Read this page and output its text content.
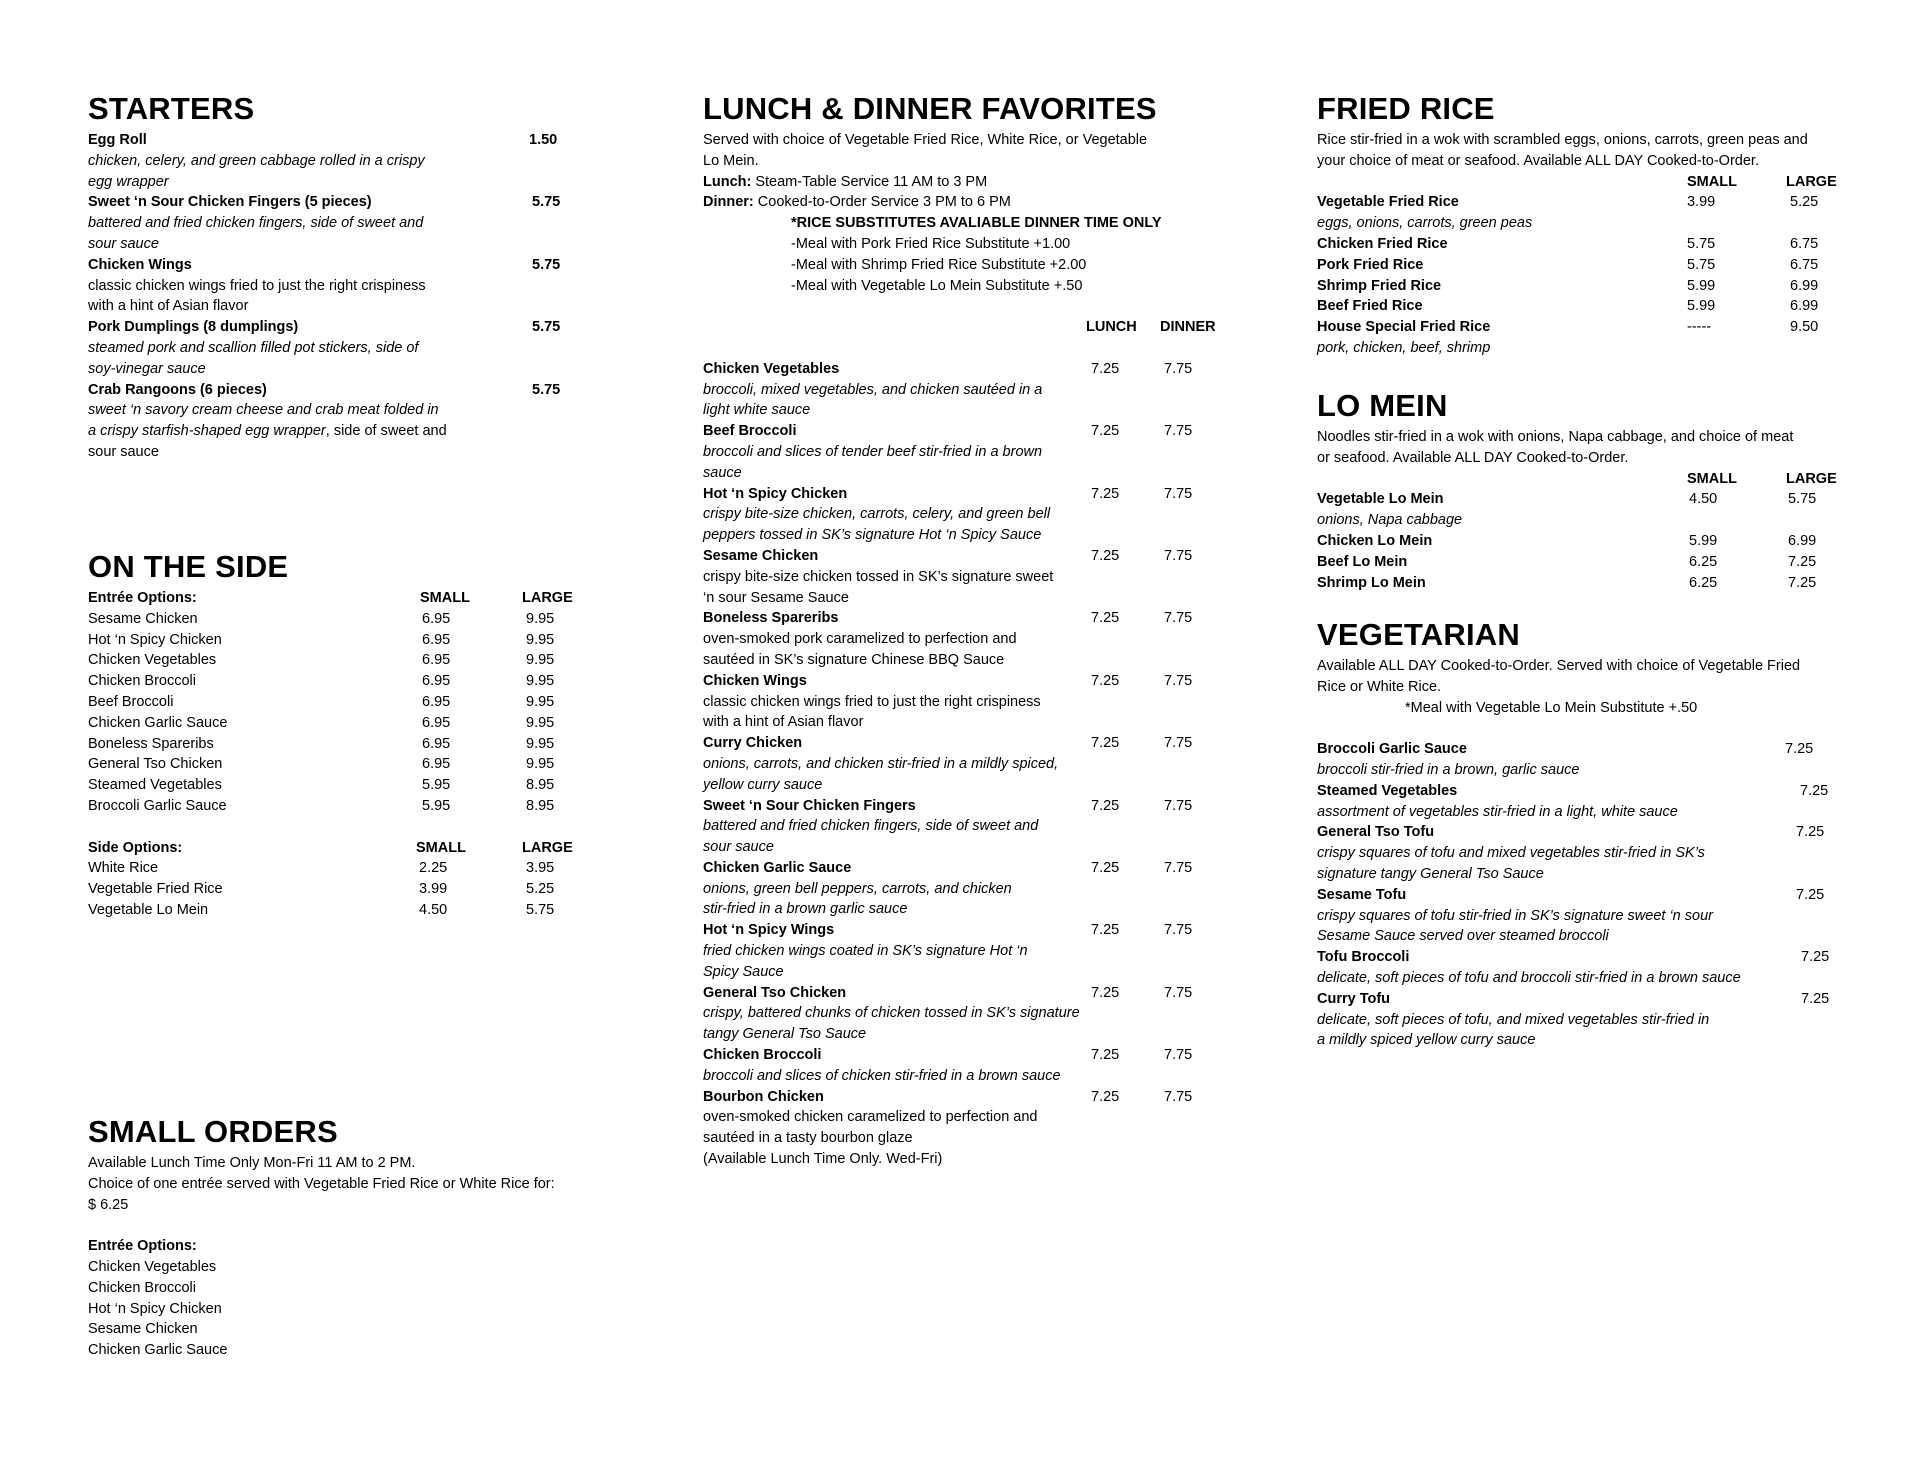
STARTERS
Egg Roll	1.50
chicken, celery, and green cabbage rolled in a crispy
egg wrapper
Sweet ‘n Sour Chicken Fingers (5 pieces)	5.75
battered and fried chicken fingers, side of sweet and
sour sauce
Chicken Wings	5.75
classic chicken wings fried to just the right crispiness
with a hint of Asian flavor
Pork Dumplings (8 dumplings)	5.75
steamed pork and scallion filled pot stickers, side of
soy-vinegar sauce
Crab Rangoons (6 pieces)	5.75
sweet ‘n savory cream cheese and crab meat folded in
a crispy starfish-shaped egg wrapper, side of sweet and
sour sauce
ON THE SIDE
Entrée Options:	SMALL	LARGE
Sesame Chicken	6.95	9.95
Hot ‘n Spicy Chicken	6.95	9.95
Chicken Vegetables	6.95	9.95
Chicken Broccoli	6.95	9.95
Beef Broccoli	6.95	9.95
Chicken Garlic Sauce	6.95	9.95
Boneless Spareribs	6.95	9.95
General Tso Chicken	6.95	9.95
Steamed Vegetables	5.95	8.95
Broccoli Garlic Sauce	5.95	8.95
Side Options:	SMALL	LARGE
White Rice	2.25	3.95
Vegetable Fried Rice	3.99	5.25
Vegetable Lo Mein	4.50	5.75
SMALL ORDERS
Available Lunch Time Only Mon-Fri 11 AM to 2 PM.
Choice of one entrée served with Vegetable Fried Rice or White Rice for:
$ 6.25
Entrée Options:
Chicken Vegetables
Chicken Broccoli
Hot ‘n Spicy Chicken
Sesame Chicken
Chicken Garlic Sauce
LUNCH & DINNER FAVORITES
Served with choice of Vegetable Fried Rice, White Rice, or Vegetable
Lo Mein.
Lunch: Steam-Table Service 11 AM to 3 PM
Dinner: Cooked-to-Order Service 3 PM to 6 PM
*RICE SUBSTITUTES AVALIABLE DINNER TIME ONLY
-Meal with Pork Fried Rice Substitute +1.00
-Meal with Shrimp Fried Rice Substitute +2.00
-Meal with Vegetable Lo Mein Substitute +.50
LUNCH DINNER
Chicken Vegetables	7.25	7.75
broccoli, mixed vegetables, and chicken sautéed in a
light white sauce
Beef Broccoli	7.25	7.75
broccoli and slices of tender beef stir-fried in a brown
sauce
Hot ‘n Spicy Chicken	7.25	7.75
crispy bite-size chicken, carrots, celery, and green bell
peppers tossed in SK’s signature Hot ‘n Spicy Sauce
Sesame Chicken	7.25	7.75
crispy bite-size chicken tossed in SK’s signature sweet
‘n sour Sesame Sauce
Boneless Spareribs	7.25	7.75
oven-smoked pork caramelized to perfection and
sautéed in SK’s signature Chinese BBQ Sauce
Chicken Wings	7.25	7.75
classic chicken wings fried to just the right crispiness
with a hint of Asian flavor
Curry Chicken	7.25	7.75
onions, carrots, and chicken stir-fried in a mildly spiced,
yellow curry sauce
Sweet ‘n Sour Chicken Fingers	7.25	7.75
battered and fried chicken fingers, side of sweet and
sour sauce
Chicken Garlic Sauce	7.25	7.75
onions, green bell peppers, carrots, and chicken
stir-fried in a brown garlic sauce
Hot ‘n Spicy Wings	7.25	7.75
fried chicken wings coated in SK’s signature Hot ‘n
Spicy Sauce
General Tso Chicken	7.25	7.75
crispy, battered chunks of chicken tossed in SK’s signature
tangy General Tso Sauce
Chicken Broccoli	7.25	7.75
broccoli and slices of chicken stir-fried in a brown sauce
Bourbon Chicken	7.25	7.75
oven-smoked chicken caramelized to perfection and
sautéed in a tasty bourbon glaze
(Available Lunch Time Only. Wed-Fri)
FRIED RICE
Rice stir-fried in a wok with scrambled eggs, onions, carrots, green peas and
your choice of meat or seafood. Available ALL DAY Cooked-to-Order.
SMALL	LARGE
Vegetable Fried Rice	3.99	5.25
eggs, onions, carrots, green peas
Chicken Fried Rice	5.75	6.75
Pork Fried Rice	5.75	6.75
Shrimp Fried Rice	5.99	6.99
Beef Fried Rice	5.99	6.99
House Special Fried Rice	-----	9.50
pork, chicken, beef, shrimp
LO MEIN
Noodles stir-fried in a wok with onions, Napa cabbage, and choice of meat
or seafood. Available ALL DAY Cooked-to-Order.
SMALL	LARGE
Vegetable Lo Mein	4.50	5.75
onions, Napa cabbage
Chicken Lo Mein	5.99	6.99
Beef Lo Mein	6.25	7.25
Shrimp Lo Mein	6.25	7.25
VEGETARIAN
Available ALL DAY Cooked-to-Order. Served with choice of Vegetable Fried
Rice or White Rice.
*Meal with Vegetable Lo Mein Substitute +.50
Broccoli Garlic Sauce	7.25
broccoli stir-fried in a brown, garlic sauce
Steamed Vegetables	7.25
assortment of vegetables stir-fried in a light, white sauce
General Tso Tofu	7.25
crispy squares of tofu and mixed vegetables stir-fried in SK’s
signature tangy General Tso Sauce
Sesame Tofu	7.25
crispy squares of tofu stir-fried in SK’s signature sweet ‘n sour
Sesame Sauce served over steamed broccoli
Tofu Broccoli	7.25
delicate, soft pieces of tofu and broccoli stir-fried in a brown sauce
Curry Tofu	7.25
delicate, soft pieces of tofu, and mixed vegetables stir-fried in
a mildly spiced yellow curry sauce
